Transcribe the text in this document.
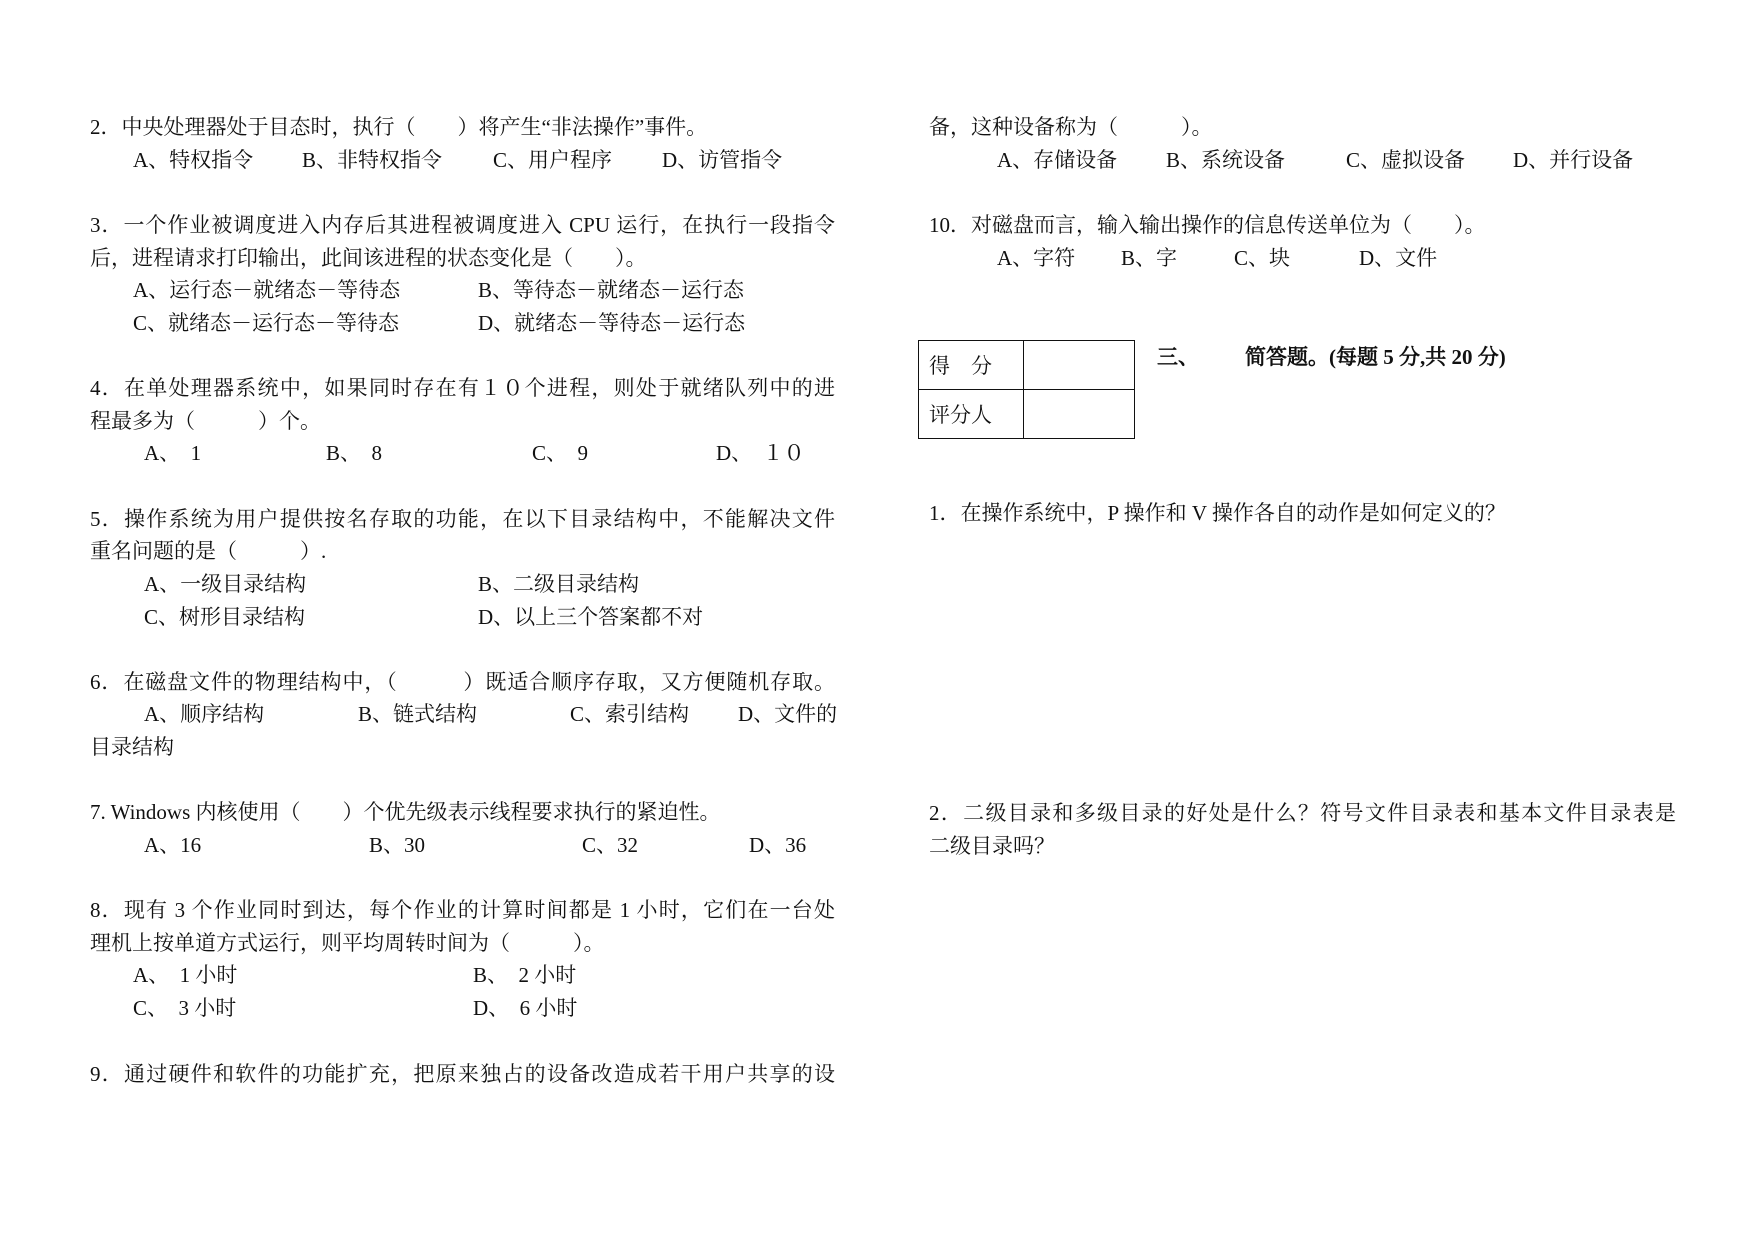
2．中央处理器处于目态时，执行（　　）将产生“非法操作”事件。
A、特权指令 B、非特权指令 C、用户程序 D、访管指令
3．一个作业被调度进入内存后其进程被调度进入 CPU 运行，在执行一段指令
后，进程请求打印输出，此间该进程的状态变化是（　　）。
A、运行态－就绪态－等待态	B、等待态－就绪态－运行态
C、就绪态－运行态－等待态	D、就绪态－等待态－运行态
4．在单处理器系统中，如果同时存在有１０个进程，则处于就绪队列中的进
程最多为（　　　）个。
A、　1	B、　8	C、　9	D、　１０
5．操作系统为用户提供按名存取的功能，在以下目录结构中，不能解决文件
重名问题的是（　　　）.
A、一级目录结构	B、二级目录结构
C、树形目录结构	D、以上三个答案都不对
6．在磁盘文件的物理结构中，（　　　）既适合顺序存取，又方便随机存取。
A、顺序结构	B、链式结构	C、索引结构 D、文件的
目录结构
7. Windows 内核使用（　　）个优先级表示线程要求执行的紧迫性。
A、16	B、30	C、32	D、36
8．现有 3 个作业同时到达，每个作业的计算时间都是 1 小时，它们在一台处
理机上按单道方式运行，则平均周转时间为（　　　）。
A、　1 小时	B、　2 小时
C、　3 小时	D、　6 小时
9．通过硬件和软件的功能扩充，把原来独占的设备改造成若干用户共享的设
备，这种设备称为（　　　）。
A、存储设备 B、系统设备	C、虚拟设备 D、并行设备
10．对磁盘而言，输入输出操作的信息传送单位为（　　）。
A、字符 B、字	C、块	D、文件
得　分	
评分人	
三、 简答题。(每题 5 分,共 20 分)
1．在操作系统中，P 操作和 V 操作各自的动作是如何定义的？
2．二级目录和多级目录的好处是什么？符号文件目录表和基本文件目录表是
二级目录吗？
